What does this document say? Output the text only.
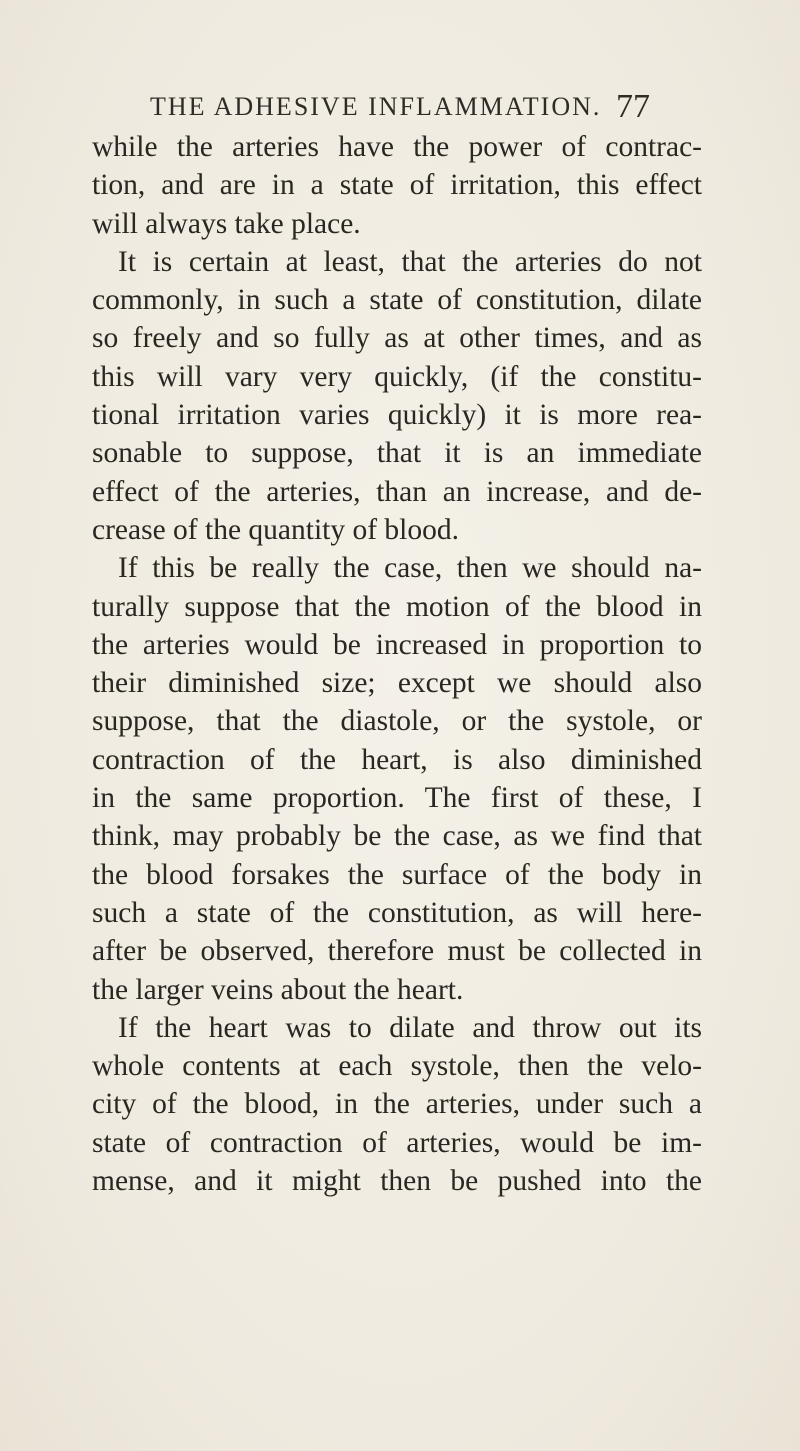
THE ADHESIVE INFLAMMATION. 77
while the arteries have the power of contrac-
tion, and are in a state of irritation, this effect
will always take place.
It is certain at least, that the arteries do not
commonly, in such a state of constitution, dilate
so freely and so fully as at other times, and as
this will vary very quickly, (if the constitu-
tional irritation varies quickly) it is more rea-
sonable to suppose, that it is an immediate
effect of the arteries, than an increase, and de-
crease of the quantity of blood.
If this be really the case, then we should na-
turally suppose that the motion of the blood in
the arteries would be increased in proportion to
their diminished size; except we should also
suppose, that the diastole, or the systole, or
contraction of the heart, is also diminished
in the same proportion. The first of these, I
think, may probably be the case, as we find that
the blood forsakes the surface of the body in
such a state of the constitution, as will here-
after be observed, therefore must be collected in
the larger veins about the heart.
If the heart was to dilate and throw out its
whole contents at each systole, then the velo-
city of the blood, in the arteries, under such a
state of contraction of arteries, would be im-
mense, and it might then be pushed into the
